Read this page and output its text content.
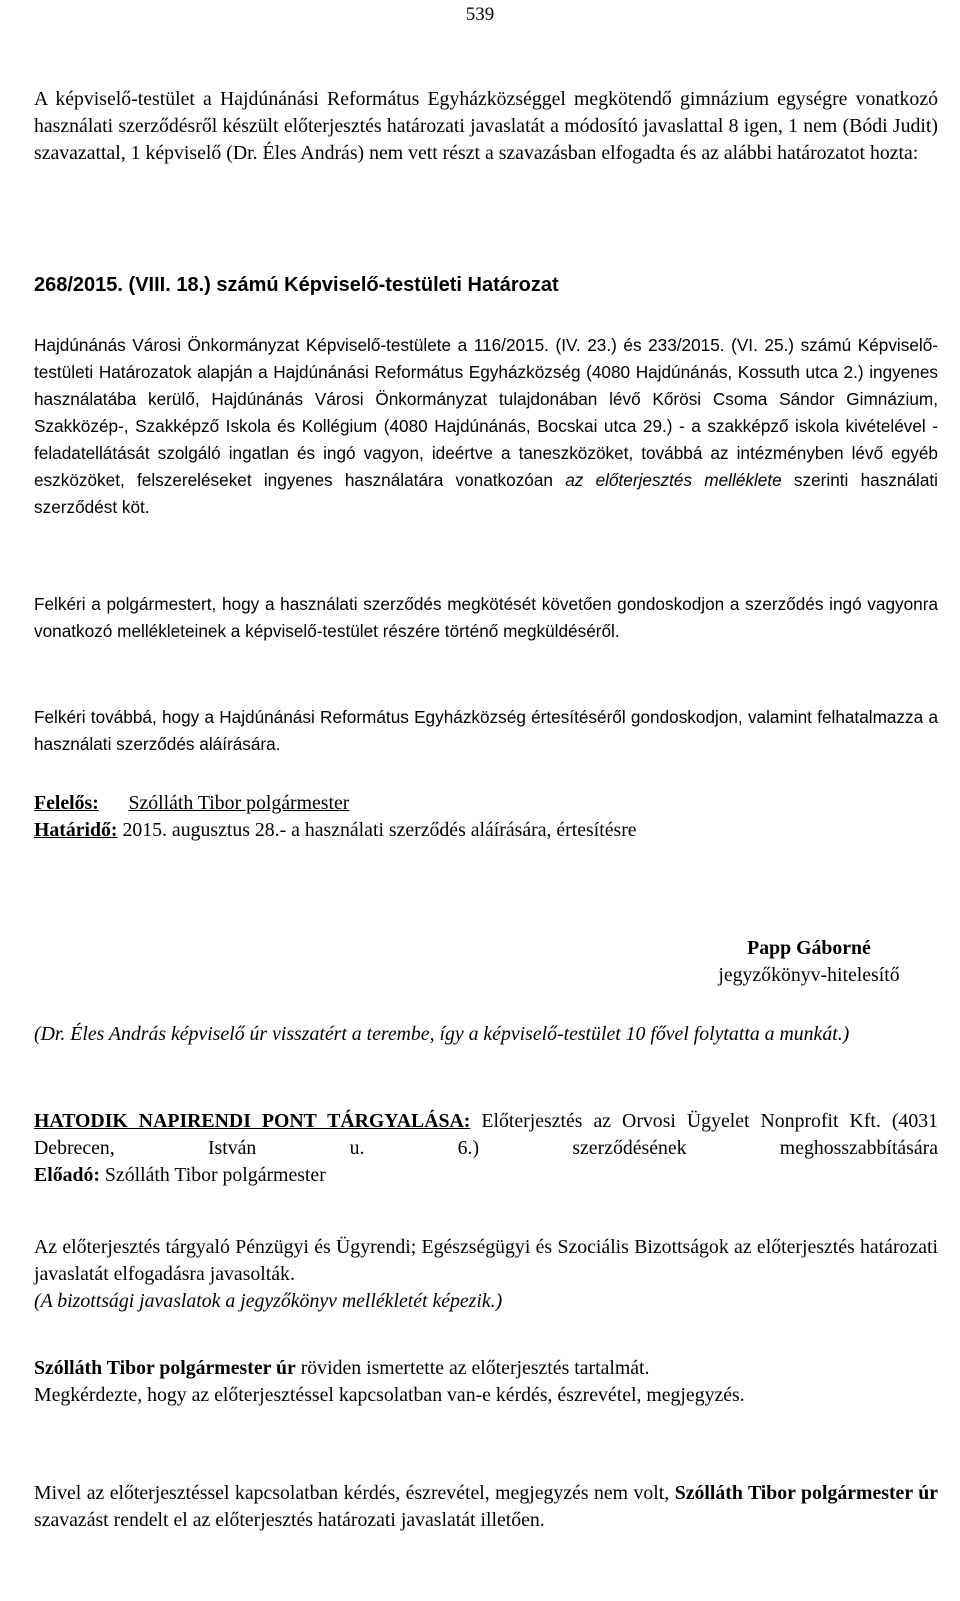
539

A képviselő-testület a Hajdúnánási Református Egyházközséggel megkötendő gimnázium egységre vonatkozó használati szerződésről készült előterjesztés határozati javaslatát a módosító javaslattal 8 igen, 1 nem (Bódi Judit) szavazattal, 1 képviselő (Dr. Éles András) nem vett részt a szavazásban elfogadta és az alábbi határozatot hozta:

268/2015. (VIII. 18.) számú Képviselő-testületi Határozat

Hajdúnánás Városi Önkormányzat Képviselő-testülete a 116/2015. (IV. 23.) és 233/2015. (VI. 25.) számú Képviselő-testületi Határozatok alapján a Hajdúnánási Református Egyházközség (4080 Hajdúnánás, Kossuth utca 2.) ingyenes használatába kerülő, Hajdúnánás Városi Önkormányzat tulajdonában lévő Kőrösi Csoma Sándor Gimnázium, Szakközép-, Szakképző Iskola és Kollégium (4080 Hajdúnánás, Bocskai utca 29.) - a szakképző iskola kivételével - feladatellátását szolgáló ingatlan és ingó vagyon, ideértve a taneszközöket, továbbá az intézményben lévő egyéb eszközöket, felszereléseket ingyenes használatára vonatkozóan az előterjesztés melléklete szerinti használati szerződést köt.

Felkéri a polgármestert, hogy a használati szerződés megkötését követően gondoskodjon a szerződés ingó vagyonra vonatkozó mellékleteinek a képviselő-testület részére történő megküldéséről.

Felkéri továbbá, hogy a Hajdúnánási Református Egyházközség értesítéséről gondoskodjon, valamint felhatalmazza a használati szerződés aláírására.

Felelős: Szólláth Tibor polgármester

Határidő: 2015. augusztus 28.- a használati szerződés aláírására, értesítésre

Papp Gáborné
jegyzőkönyv-hitelesítő

(Dr. Éles András képviselő úr visszatért a terembe, így a képviselő-testület 10 fővel folytatta a munkát.)

HATODIK NAPIRENDI PONT TÁRGYALÁSA: Előterjesztés az Orvosi Ügyelet Nonprofit Kft. (4031 Debrecen, István u. 6.) szerződésének meghosszabbítására

Előadó: Szólláth Tibor polgármester

Az előterjesztés tárgyaló Pénzügyi és Ügyrendi; Egészségügyi és Szociális Bizottságok az előterjesztés határozati javaslatát elfogadásra javasolták.

(A bizottsági javaslatok a jegyzőkönyv mellékletét képezik.)

Szólláth Tibor polgármester úr röviden ismertette az előterjesztés tartalmát.

Megkérdezte, hogy az előterjesztéssel kapcsolatban van-e kérdés, észrevétel, megjegyzés.

Mivel az előterjesztéssel kapcsolatban kérdés, észrevétel, megjegyzés nem volt, Szólláth Tibor polgármester úr szavazást rendelt el az előterjesztés határozati javaslatát illetően.
